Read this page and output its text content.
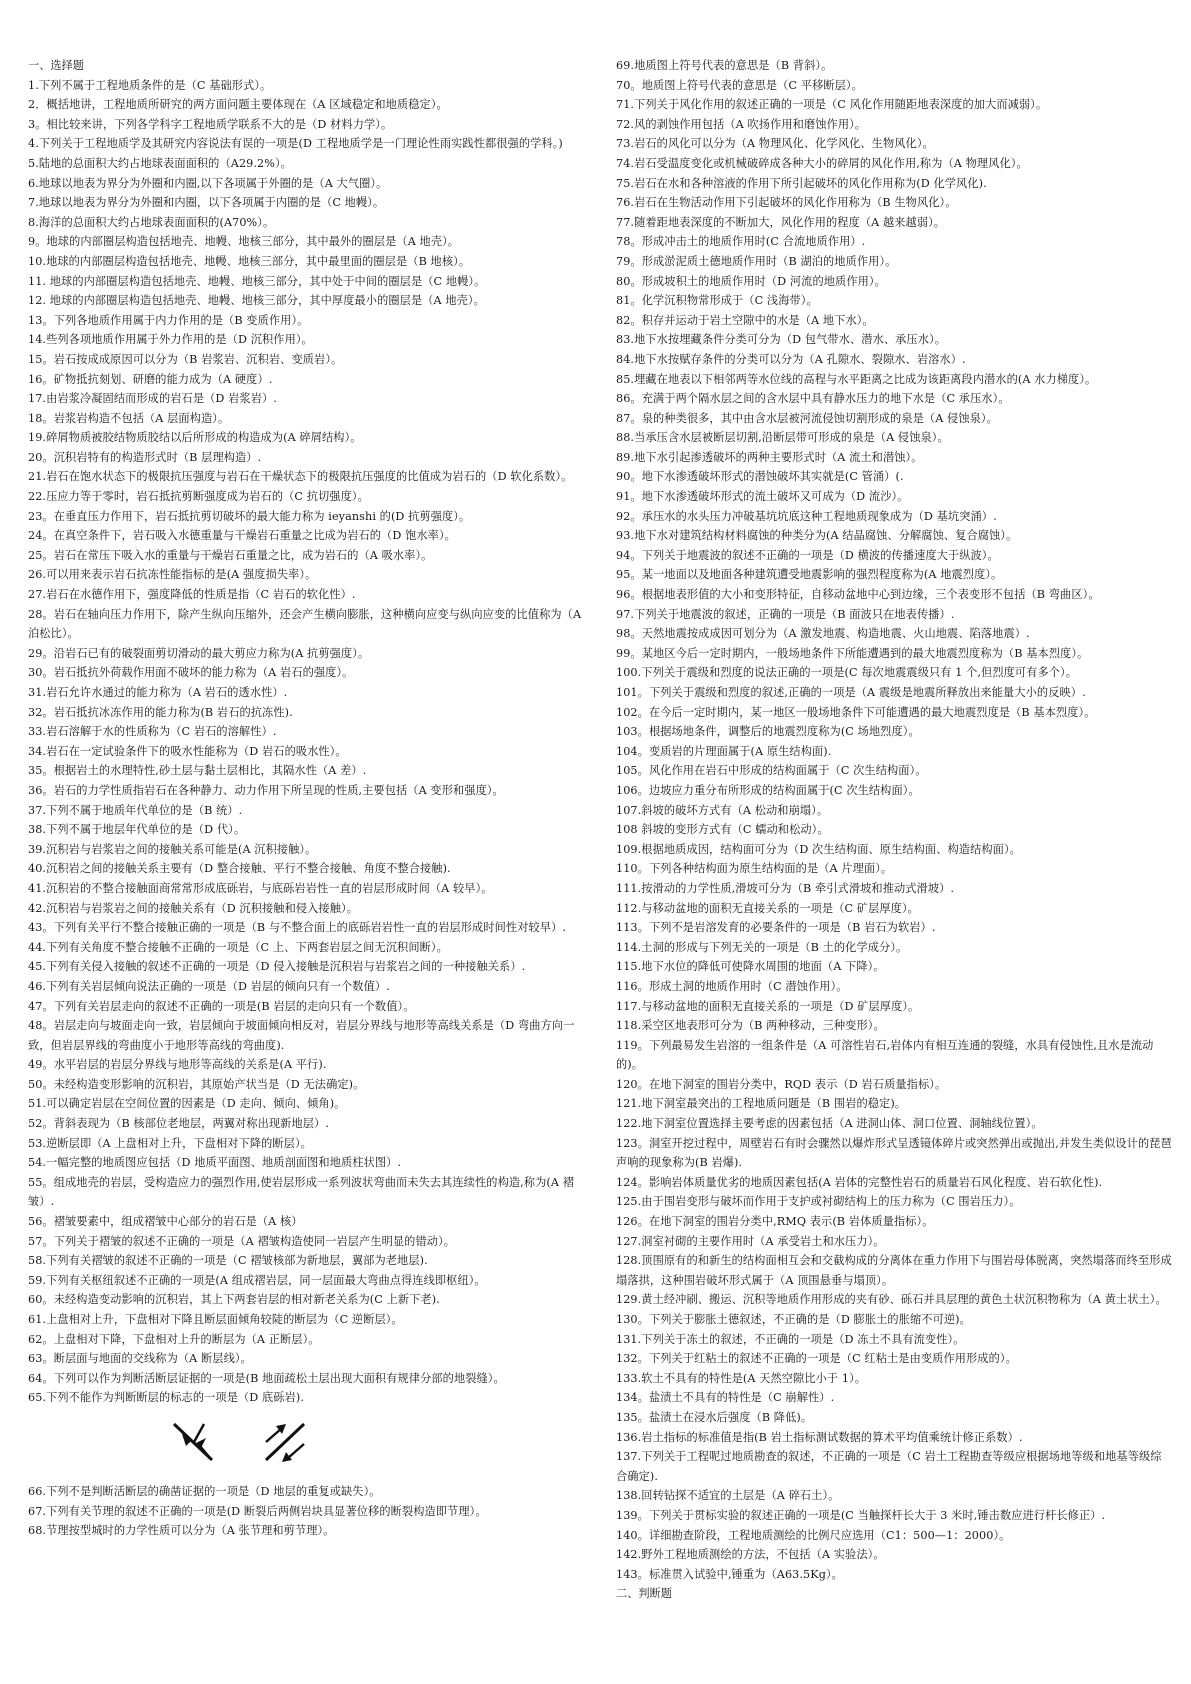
一、选择题

1.下列不属于工程地质条件的是（C 基础形式）。

2．概括地讲，工程地质所研究的两方面问题主要体现在（A 区域稳定和地质稳定）。

3。相比较来讲，下列各学科字工程地质学联系不大的是（D 材料力学）。

4.下列关于工程地质学及其研究内容说法有误的一项是(D 工程地质学是一门理论性雨实践性都很强的学科。)

5.陆地的总面积大约占地球表面面积的（A29.2%）。

6.地球以地表为界分为外圈和内圈,以下各项属于外圈的是（A 大气圈）。

7.地球以地表为界分为外圈和内圈，以下各项属于内圈的是（C 地幔）。

8.海洋的总面积大约占地球表面面积的(A70%）。

9。地球的内部圈层构造包括地壳、地幔、地核三部分，其中最外的圈层是（A 地壳）。

10.地球的内部圈层构造包括地壳、地幔、地核三部分，其中最里面的圈层是（B 地核）。

11. 地球的内部圈层构造包括地壳、地幔、地核三部分，其中处于中间的圈层是（C 地幔）。

12. 地球的内部圈层构造包括地壳、地幔、地核三部分，其中厚度最小的圈层是（A 地壳）。

13。下列各地质作用属于内力作用的是（B 变质作用）。

14.些列各项地质作用属于外力作用的是（D 沉积作用）。

15。岩石按成成原因可以分为（B 岩浆岩、沉积岩、变质岩）。

16。矿物抵抗刻划、研磨的能力成为（A 硬度）.

17.由岩浆冷凝固结而形成的岩石是（D 岩浆岩）.

18。岩浆岩构造不包括（A 层面构造）。

19.碎屑物质被胶结物质胶结以后所形成的构造成为(A 碎屑结构）。

20。沉积岩特有的构造形式时（B 层理构造）.

21.岩石在饱水状态下的极限抗压强度与岩石在干燥状态下的极限抗压强度的比值成为岩石的（D 软化系数）。

22.压应力等于零时，岩石抵抗剪断强度成为岩石的（C 抗切强度）。

23。在垂直压力作用下，岩石抵抗剪切破坏的最大能力称为 ieyanshi 的(D 抗剪强度）。

24。在真空条件下，岩石吸入水德重量与干燥岩石重量之比成为岩石的（D 饱水率）。

25。岩石在常压下吸入水的重量与干燥岩石重量之比，成为岩石的（A 吸水率）。

26.可以用来表示岩石抗冻性能指标的是(A 强度损失率）。

27.岩石在水德作用下，强度降低的性质是指（C 岩石的软化性）.

28。岩石在轴向压力作用下，除产生纵向压缩外，还会产生横向膨胀，这种横向应变与纵向应变的比值称为（A 泊松比）。

29。沿岩石已有的破裂面剪切滑动的最大剪应力称为(A 抗剪强度）。

30。岩石抵抗外荷载作用面不破坏的能力称为（A 岩石的强度）。

31.岩石允许水通过的能力称为（A 岩石的透水性）.

32。岩石抵抗冰冻作用的能力称为(B 岩石的抗冻性).

33.岩石溶解于水的性质称为（C 岩石的溶解性）.

34.岩石在一定试验条件下的吸水性能称为（D 岩石的吸水性）。

35。根据岩土的水理特性,砂土层与黏土层相比，其隔水性（A 差）.

36。岩石的力学性质指岩石在各种静力、动力作用下所呈现的性质,主要包括（A 变形和强度）。

37.下列不属于地质年代单位的是（B 统）.

38.下列不属于地层年代单位的是（D 代）。

39.沉积岩与岩浆岩之间的接触关系可能是(A 沉积接触）。

40.沉积岩之间的接触关系主要有（D 整合接触、平行不整合接触、角度不整合接触).

41.沉积岩的不整合接触面商常常形成底砾岩，与底砾岩岩性一直的岩层形成时间（A 较早）。

42.沉积岩与岩浆岩之间的接触关系有（D 沉积接触和侵入接触）。

43。下列有关平行不整合接触正确的一项是（B 与不整合面上的底砾岩岩性一直的岩层形成时间性对较早）.

44.下列有关角度不整合接触不正确的一项是（C 上、下两套岩层之间无沉积间断）。

45.下列有关侵入接触的叙述不正确的一项是（D 侵入接触是沉积岩与岩浆岩之间的一种接触关系）.

46.下列有关岩层倾向说法正确的一项是（D 岩层的倾向只有一个数值）.

47。下列有关岩层走向的叙述不正确的一项是(B 岩层的走向只有一个数值）。

48。岩层走向与坡面走向一致，岩层倾向于坡面倾向相反对，岩层分界线与地形等高线关系是（D 弯曲方向一致，但岩层界线的弯曲度小于地形等高线的弯曲度).

49。水平岩层的岩层分界线与地形等高线的关系是(A 平行).

50。未经构造变形影响的沉积岩，其原始产状当是（D 无法确定)。

51.可以确定岩层在空间位置的因素是（D 走向、倾向、倾角)。

52。背斜表现为（B 核部位老地层，两翼对称出现新地层）.

53.逆断层即（A 上盘相对上升，下盘相对下降的断层）。

54.一幅完整的地质图应包括（D 地质平面图、地质剖面图和地质柱状图）.

55。组成地壳的岩层，受构造应力的强烈作用,使岩层形成一系列波状弯曲而未失去其连续性的构造,称为(A 褶皱）.

56。褶皱要素中，组成褶皱中心部分的岩石是（A 核）

57。下列关于褶皱的叙述不正确的一项是（A 褶皱构造使同一岩层产生明显的错动）。

58.下列有关褶皱的叙述不正确的一项是（C 褶皱核部为新地层，翼部为老地层).

59.下列有关枢纽叙述不正确的一项是(A 组成褶岩层，同一层面最大弯曲点得连线即枢纽）。

60。未经构造变动影响的沉积岩，其上下两套岩层的相对新老关系为(C 上新下老).

61.上盘相对上升，下盘相对下降且断层面倾角较陡的断层为（C 逆断层）。

62。上盘相对下降，下盘相对上升的断层为（A 正断层）。

63。断层面与地面的交线称为（A 断层线）。

64。下列可以作为判断活断层证据的一项是(B 地面疏松土层出现大面积有规律分部的地裂缝）。

65.下列不能作为判断断层的标志的一项是（D 底砾岩).

66.下列不是判断活断层的确凿证据的一项是（D 地层的重复或缺失）。

67.下列有关节理的叙述不正确的一项是(D 断裂后两侧岩块具显著位移的断裂构造即节理）。

68.节理按型城时的力学性质可以分为（A 张节理和剪节理）。

69.地质图上符号代表的意思是（B 背斜）。

70。地质图上符号代表的意思是（C 平移断层）。

71.下列关于风化作用的叙述正确的一项是（C 风化作用随距地表深度的加大而减弱）。

72.风的剥蚀作用包括（A 吹扬作用和磨蚀作用）。

73.岩石的风化可以分为（A 物理风化、化学风化、生物风化）。

74.岩石受温度变化或机械破碎成各种大小的碎屑的风化作用,称为（A 物理风化）。

75.岩石在水和各种溶液的作用下所引起破坏的风化作用称为(D 化学风化).

76.岩石在生物活动作用下引起破坏的风化作用称为（B 生物风化）。

77.随着距地表深度的不断加大，风化作用的程度（A 越来越弱）。

78。形成冲击土的地质作用时(C 合流地质作用）.

79。形成淤泥质土德地质作用时（B 湖泊的地质作用）。

80。形成坡积土的地质作用时（D 河流的地质作用）。

81。化学沉积物常形成于（C 浅海带）。

82。积存并运动于岩土空隙中的水是（A 地下水）。

83.地下水按埋藏条件分类可分为（D 包气带水、潜水、承压水）。

84.地下水按赋存条件的分类可以分为（A 孔隙水、裂隙水、岩溶水）.

85.埋藏在地表以下相邻两等水位线的高程与水平距离之比成为该距离段内潜水的(A 水力梯度）。

86。充满于两个隔水层之间的含水层中具有静水压力的地下水是（C 承压水）。

87。泉的种类很多，其中由含水层被河流侵蚀切割形成的泉是（A 侵蚀泉）。

88.当承压含水层被断层切割,沿断层带可形成的泉是（A 侵蚀泉）。

89.地下水引起渗透破坏的两种主要形式时（A 流土和潜蚀）。

90。地下水渗透破坏形式的潜蚀破坏其实就是(C 管涌）(.

91。地下水渗透破坏形式的流土破坏又可成为（D 流沙）。

92。承压水的水头压力冲破基坑坑底这种工程地质现象成为（D 基坑突涌）.

93.地下水对建筑结构材料腐蚀的种类分为(A 结晶腐蚀、分解腐蚀、复合腐蚀）。

94。下列关于地震波的叙述不正确的一项是（D 横波的传播速度大于纵波）。

95。某一地面以及地面各种建筑遭受地震影响的强烈程度称为(A 地震烈度）。

96。根据地表形值的大小和变形特征，自移动盆地中心到边缘，三个表变形不包括（B 弯曲区）。

97.下列关于地震波的叙述，正确的一项是（B 面波只在地表传播）.

98。天然地震按成成因可划分为（A 激发地震、构造地震、火山地震、陷落地震）.

99。某地区今后一定时期内，一般场地条件下所能遭遇到的最大地震烈度称为（B 基本烈度）。

100.下列关于震级和烈度的说法正确的一项是(C 每次地震震级只有 1 个,但烈度可有多个）。

101。下列关于震级和烈度的叙述,正确的一项是（A 震级是地震所释放出来能量大小的反映）.

102。在今后一定时期内，某一地区一般场地条件下可能遭遇的最大地震烈度是（B 基本烈度）。

103。根据场地条件，调整后的地震烈度称为(C 场地烈度）。

104。变质岩的片理面属于(A 原生结构面).

105。风化作用在岩石中形成的结构面属于（C 次生结构面）。

106。边坡应力重分布所形成的结构面属于(C 次生结构面）。

107.斜坡的破坏方式有（A 松动和崩塌）。

108 斜坡的变形方式有（C 蠕动和松动）。

109.根据地质成因，结构面可分为（D 次生结构面、原生结构面、构造结构面）。

110。下列各种结构面为原生结构面的是（A 片理面）。

111.按滑动的力学性质,滑坡可分为（B 牵引式滑坡和推动式滑坡）.

112.与移动盆地的面积无直接关系的一项是（C 矿层厚度）。

113。下列不是岩溶发育的必要条件的一项是（B 岩石为软岩）.

114.土洞的形成与下列无关的一项是（B 土的化学成分）。

115.地下水位的降低可使降水周围的地面（A 下降）。

116。形成土洞的地质作用时（C 潜蚀作用）。

117.与移动盆地的面积无直接关系的一项是（D 矿层厚度）。

118.采空区地表形可分为（B 两种移动，三种变形）。

119。下列最易发生岩溶的一组条件是（A 可溶性岩石,岩体内有相互连通的裂缝，水具有侵蚀性,且水是流动的)。

120。在地下洞室的围岩分类中，RQD 表示（D 岩石质量指标）。

121.地下洞室最突出的工程地质问题是（B 围岩的稳定)。

122.地下洞室位置选择主要考虑的因素包括（A 进洞山体、洞口位置、洞轴线位置）。

123。洞室开挖过程中，周壁岩石有时会骤然以爆炸形式呈透镜体碎片或突然弹出或抛出,并发生类似设计的琵琶声响的现象称为(B 岩爆).

124。影响岩体质量优劣的地质因素包括(A 岩体的完整性岩石的质量岩石风化程度、岩石软化性).

125.由于围岩变形与破坏而作用于支护或衬砌结构上的压力称为（C 围岩压力）。

126。在地下洞室的围岩分类中,RMQ 表示(B 岩体质量指标）。

127.洞室衬砌的主要作用时（A 承受岩土和水压力）。

128.顶围原有的和新生的结构面相互会和交截构成的分离体在重力作用下与围岩母体脱离，突然塌落而终至形成塌落拱，这种围岩破坏形式属于（A 顶围悬垂与塌顶）。

129.黄土经冲刷、搬运、沉积等地质作用形成的夹有砂、砾石并具层理的黄色土状沉积物称为（A 黄土状土）。

130。下列关于膨胀土德叙述，不正确的是（D 膨胀土的胀缩不可逆)。

131.下列关于冻土的叙述，不正确的一项是（D 冻土不具有流变性）。

132。下列关于红粘土的叙述不正确的一项是（C 红粘土是由变质作用形成的）。

133.软土不具有的特性是(A 天然空隙比小于 1）。

134。盐渍土不具有的特性是（C 崩解性）.

135。盐渍土在浸水后强度（B 降低)。

136.岩土指标的标准值是指(B 岩土指标测试数据的算术平均值乘统计修正系数）.

137.下列关于工程呢过地质勘查的叙述，不正确的一项是（C 岩土工程勘查等级应根据场地等级和地基等级综合确定).

138.回转钻探不适宜的土层是（A 碎石土）。

139。下列关于贯标实验的叙述正确的一项是(C 当触探杆长大于 3 米时,锤击数应进行杆长修正）.

140。详细勘查阶段，工程地质测绘的比例尺应选用（C1：500—1：2000）。

142.野外工程地质测绘的方法，不包括（A 实验法）。

143。标准贯入试验中,锤重为（A63.5Kg）。

二、判断题
